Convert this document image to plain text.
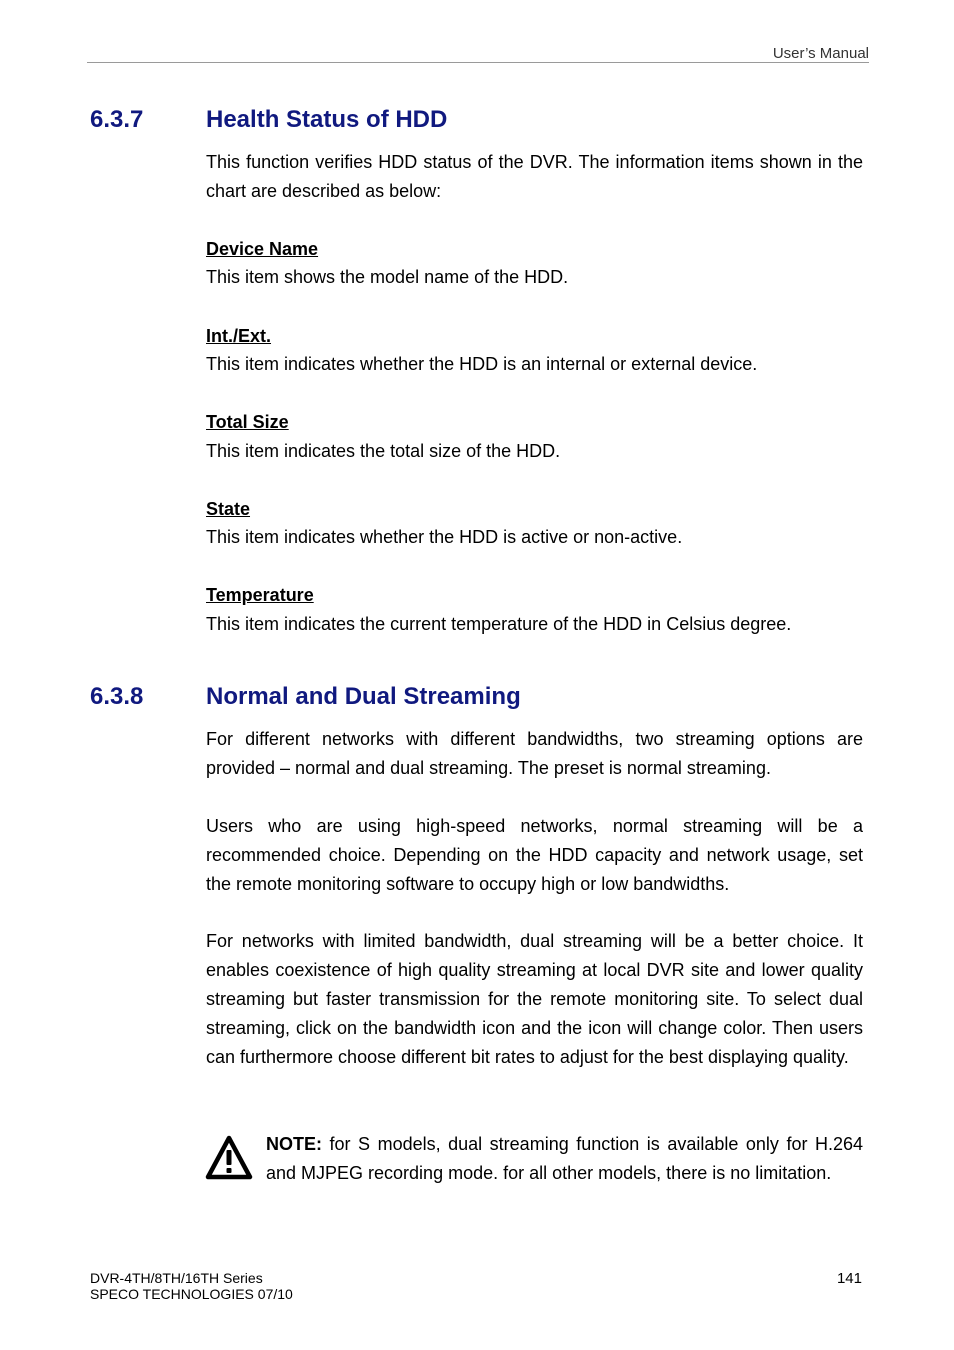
User’s Manual
6.3.7	Health Status of HDD

This function verifies HDD status of the DVR. The information items shown in the chart are described as below:

Device Name

This item shows the model name of the HDD.

Int./Ext.

This item indicates whether the HDD is an internal or external device.

Total Size

This item indicates the total size of the HDD.

State

This item indicates whether the HDD is active or non-active.

Temperature

This item indicates the current temperature of the HDD in Celsius degree.

6.3.8	Normal and Dual Streaming

For different networks with different bandwidths, two streaming options are provided – normal and dual streaming. The preset is normal streaming.

Users who are using high-speed networks, normal streaming will be a recommended choice. Depending on the HDD capacity and network usage, set the remote monitoring software to occupy high or low bandwidths.

For networks with limited bandwidth, dual streaming will be a better choice. It enables coexistence of high quality streaming at local DVR site and lower quality streaming but faster transmission for the remote monitoring site. To select dual streaming, click on the bandwidth icon and the icon will change color. Then users can furthermore choose different bit rates to adjust for the best displaying quality.

NOTE: for S models, dual streaming function is available only for H.264 and MJPEG recording mode. for all other models, there is no limitation.

DVR-4TH/8TH/16TH Series
SPECO TECHNOLOGIES 07/10
141
